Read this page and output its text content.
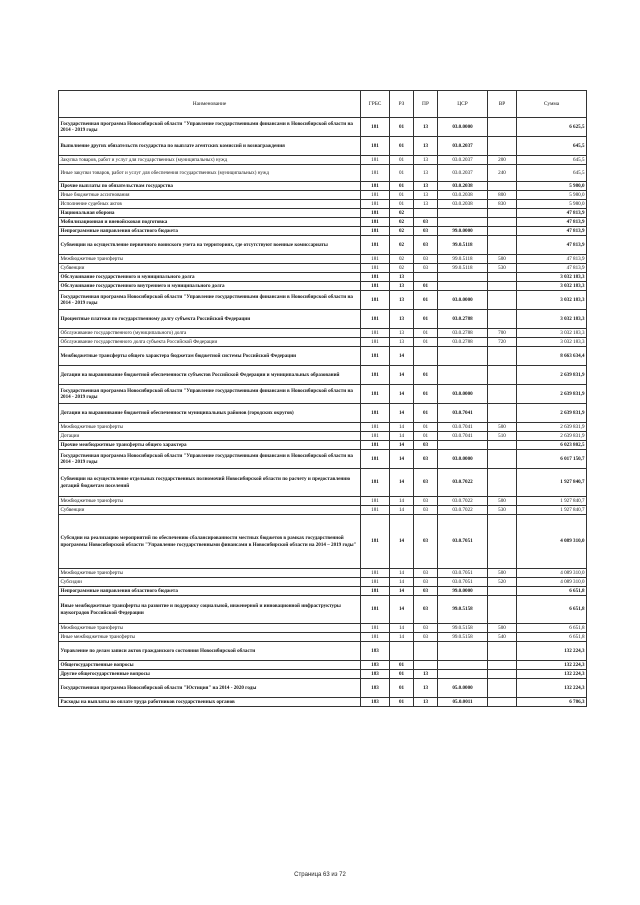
Наименование	ГРБС	РЗ	ПР	ЦСР	ВР	Сумма
Государственная программа Новосибирской области "Управление государственными финансами в Новосибирской области на 2014 - 2019 годы	181	01	13	03.0.0000		6 625,5
Выполнение других обязательств государства по выплате агентских комиссий и вознаграждения	181	01	13	03.0.2037		645,5
Закупка товаров, работ и услуг для государственных (муниципальных) нужд	181	01	13	03.0.2037	200	645,5
Иные закупки товаров, работ и услуг для обеспечения государственных (муниципальных) нужд	181	01	13	03.0.2037	240	645,5
Прочие выплаты по обязательствам государства	181	01	13	03.0.2038		5 980,0
Иные бюджетные ассигнования	181	01	13	03.0.2038	800	5 980,0
Исполнение судебных актов	181	01	13	03.0.2038	830	5 980,0
Национальная оборона	181	02				47 813,9
Мобилизационная и вневойсковая подготовка	181	02	03			47 813,9
Непрограммные направления областного бюджета	181	02	03	99.0.0000		47 813,9
Субвенции на осуществление первичного воинского учета на территориях, где отсутствуют военные комиссариаты	181	02	03	99.0.5118		47 813,9
Межбюджетные трансферты	181	02	03	99.0.5118	500	47 813,9
Субвенции	181	02	03	99.0.5118	530	47 813,9
Обслуживание государственного и муниципального долга	181	13				3 032 183,3
Обслуживание государственного внутреннего и муниципального долга	181	13	01			3 032 183,3
Государственная программа Новосибирской области "Управление государственными финансами в Новосибирской области на 2014 - 2019 годы	181	13	01	03.0.0000		3 032 183,3
Процентные платежи по государственному долгу субъекта Российской Федерации	181	13	01	03.0.2788		3 032 183,3
Обслуживание государственного (муниципального) долга	181	13	01	03.0.2788	700	3 032 183,3
Обслуживание государственного долга субъекта Российской Федерации	181	13	01	03.0.2788	720	3 032 183,3
Межбюджетные трансферты общего характера бюджетам бюджетной системы Российской Федерации	181	14				8 663 634,4
Дотации на выравнивание бюджетной обеспеченности субъектов Российской Федерации и муниципальных образований	181	14	01			2 639 831,9
Государственная программа Новосибирской области "Управление государственными финансами в Новосибирской области на 2014 - 2019 годы	181	14	01	03.0.0000		2 639 831,9
Дотации на выравнивание бюджетной обеспеченности муниципальных районов (городских округов)	181	14	01	03.0.7041		2 639 831,9
Межбюджетные трансферты	181	14	01	03.0.7041	500	2 639 831,9
Дотации	181	14	01	03.0.7041	510	2 639 831,9
Прочие межбюджетные трансферты общего характера	181	14	03			6 023 802,5
Государственная программа Новосибирской области "Управление государственными финансами в Новосибирской области на 2014 - 2019 годы	181	14	03	03.0.0000		6 017 150,7
Субвенции на осуществление отдельных государственных полномочий Новосибирской области по расчету и предоставлению дотаций бюджетам поселений	181	14	03	03.0.7022		1 927 840,7
Межбюджетные трансферты	181	14	03	03.0.7022	500	1 927 840,7
Субвенции	181	14	03	03.0.7022	530	1 927 840,7
Субсидии на реализацию мероприятий по обеспечению сбалансированности местных бюджетов в рамках государственной программы Новосибирской области "Управление государственными финансами в Новосибирской области на 2014 – 2019 годы"	181	14	03	03.0.7051		4 089 310,0
Межбюджетные трансферты	181	14	03	03.0.7051	500	4 089 310,0
Субсидии	181	14	03	03.0.7051	520	4 089 310,0
Непрограммные направления областного бюджета	181	14	03	99.0.0000		6 651,8
Иные межбюджетные трансферты на развитие и поддержку социальной, инженерной и инновационной инфраструктуры наукоградов Российской Федерации	181	14	03	99.0.5158		6 651,8
Межбюджетные трансферты	181	14	03	99.0.5158	500	6 651,8
Иные межбюджетные трансферты	181	14	03	99.0.5158	540	6 651,8
Управление по делам записи актов гражданского состояния Новосибирской области	183					132 224,3
Общегосударственные вопросы	183	01				132 224,3
Другие общегосударственные вопросы	183	01	13			132 224,3
Государственная программа Новосибирской области "Юстиция" на 2014 - 2020 годы	183	01	13	05.0.0000		132 224,3
Расходы на выплаты по оплате труда работников государственных органов	183	01	13	05.0.0011		6 786,3
Страница 63 из 72
